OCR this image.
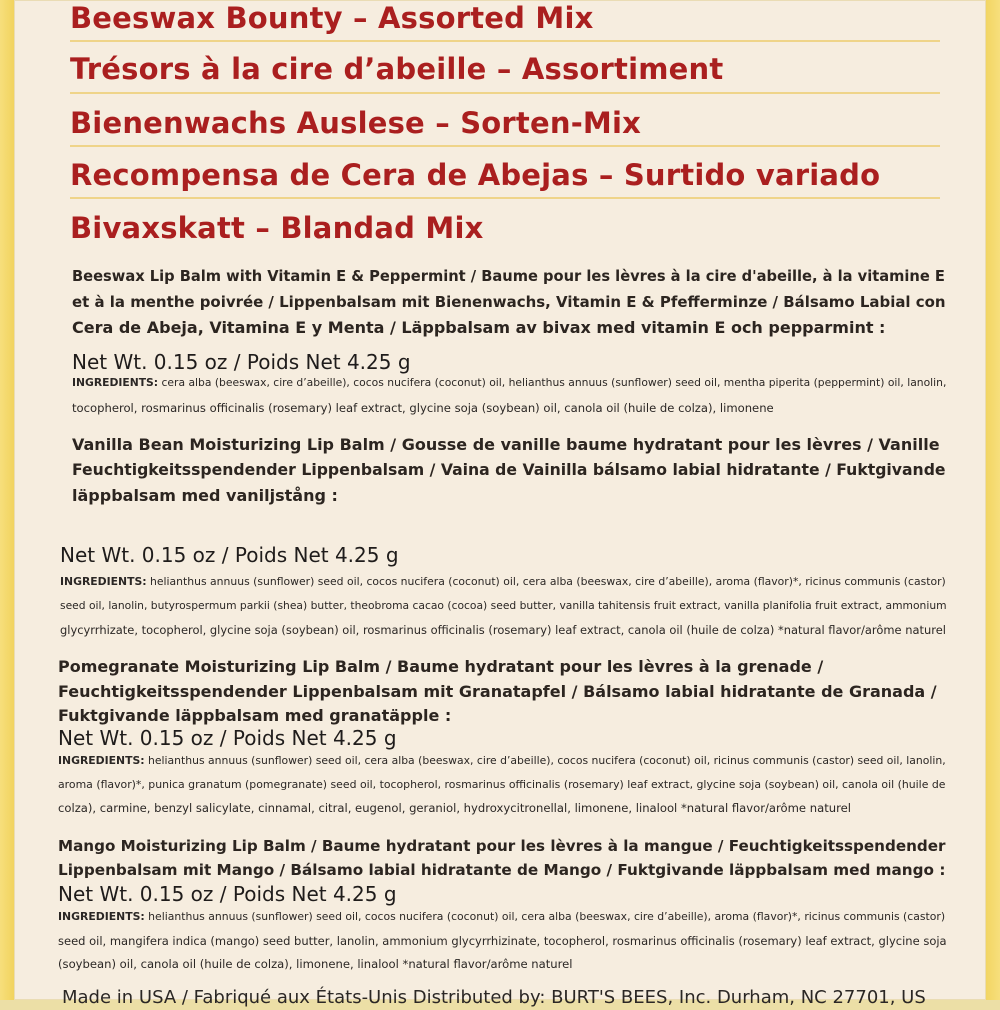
Beeswax Bounty – Assorted Mix
Trésors à la cire d’abeille – Assortiment
Bienenwachs Auslese – Sorten-Mix
Recompensa de Cera de Abejas – Surtido variado
Bivaxskatt – Blandad Mix

Beeswax Lip Balm with Vitamin E & Peppermint / Baume pour les lèvres à la cire d'abeille, à la vitamine E

et à la menthe poivrée / Lippenbalsam mit Bienenwachs, Vitamin E & Pfefferminze / Bálsamo Labial con

Cera de Abeja, Vitamina E y Menta / Läppbalsam av bivax med vitamin E och pepparmint :

Net Wt. 0.15 oz / Poids Net 4.25 g

INGREDIENTS: cera alba (beeswax, cire d’abeille), cocos nucifera (coconut) oil, helianthus annuus (sunflower) seed oil, mentha piperita (peppermint) oil, lanolin,

tocopherol, rosmarinus officinalis (rosemary) leaf extract, glycine soja (soybean) oil, canola oil (huile de colza), limonene

Vanilla Bean Moisturizing Lip Balm / Gousse de vanille baume hydratant pour les lèvres / Vanille

Feuchtigkeitsspendender Lippenbalsam / Vaina de Vainilla bálsamo labial hidratante / Fuktgivande

läppbalsam med vaniljstång :

Net Wt. 0.15 oz / Poids Net 4.25 g

INGREDIENTS: helianthus annuus (sunflower) seed oil, cocos nucifera (coconut) oil, cera alba (beeswax, cire d’abeille), aroma (flavor)*, ricinus communis (castor)

seed oil, lanolin, butyrospermum parkii (shea) butter, theobroma cacao (cocoa) seed butter, vanilla tahitensis fruit extract, vanilla planifolia fruit extract, ammonium

glycyrrhizate, tocopherol, glycine soja (soybean) oil, rosmarinus officinalis (rosemary) leaf extract, canola oil (huile de colza) *natural flavor/arôme naturel

Pomegranate Moisturizing Lip Balm / Baume hydratant pour les lèvres à la grenade /

Feuchtigkeitsspendender Lippenbalsam mit Granatapfel / Bálsamo labial hidratante de Granada /

Fuktgivande läppbalsam med granatäpple :

Net Wt. 0.15 oz / Poids Net 4.25 g

INGREDIENTS: helianthus annuus (sunflower) seed oil, cera alba (beeswax, cire d’abeille), cocos nucifera (coconut) oil, ricinus communis (castor) seed oil, lanolin,

aroma (flavor)*, punica granatum (pomegranate) seed oil, tocopherol, rosmarinus officinalis (rosemary) leaf extract, glycine soja (soybean) oil, canola oil (huile de

colza), carmine, benzyl salicylate, cinnamal, citral, eugenol, geraniol, hydroxycitronellal, limonene, linalool *natural flavor/arôme naturel

Mango Moisturizing Lip Balm / Baume hydratant pour les lèvres à la mangue / Feuchtigkeitsspendender

Lippenbalsam mit Mango / Bálsamo labial hidratante de Mango / Fuktgivande läppbalsam med mango :

Net Wt. 0.15 oz / Poids Net 4.25 g

INGREDIENTS: helianthus annuus (sunflower) seed oil, cocos nucifera (coconut) oil, cera alba (beeswax, cire d’abeille), aroma (flavor)*, ricinus communis (castor)

seed oil, mangifera indica (mango) seed butter, lanolin, ammonium glycyrrhizinate, tocopherol, rosmarinus officinalis (rosemary) leaf extract, glycine soja

(soybean) oil, canola oil (huile de colza), limonene, linalool *natural flavor/arôme naturel

Made in USA / Fabriqué aux États-Unis Distributed by: BURT'S BEES, Inc. Durham, NC 27701, US
